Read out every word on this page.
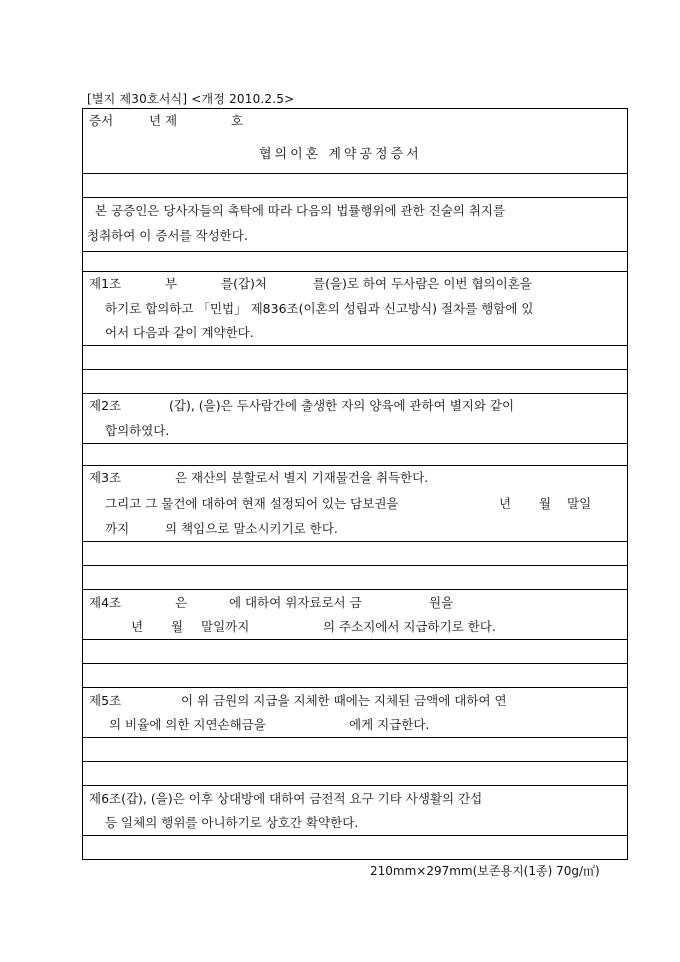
[별지 제30호서식] <개정 2010.2.5>
증서	년 제	호
협의이혼 계약공정증서
본 공증인은 당사자들의 촉탁에 따라 다음의 법률행위에 관한 진술의 취지를
청취하여 이 증서를 작성한다.
제1조	부	를(갑)처	를(을)로 하여 두사람은 이번 협의이혼을
하기로 합의하고 「민법」 제836조(이혼의 성립과 신고방식) 절차를 행함에 있
어서 다음과 같이 계약한다.
제2조	(갑), (을)은 두사람간에 출생한 자의 양육에 관하여 별지와 같이
합의하였다.
제3조	은 재산의 분할로서 별지 기재물건을 취득한다.
그리고 그 물건에 대하여 현재 설정되어 있는 담보권을	년 월 말일
까지	의 책임으로 말소시키기로 한다.
제4조	은	에 대하여 위자료로서 금	원을
년 월 말일까지	의 주소지에서 지급하기로 한다.
제5조	이 위 금원의 지급을 지체한 때에는 지체된 금액에 대하여 연
의 비율에 의한 지연손해금을	에게 지급한다.
제6조(갑), (을)은 이후 상대방에 대하여 금전적 요구 기타 사생활의 간섭
등 일체의 행위를 아니하기로 상호간 확약한다.
210mm×297mm(보존용지(1종) 70g/㎡)
